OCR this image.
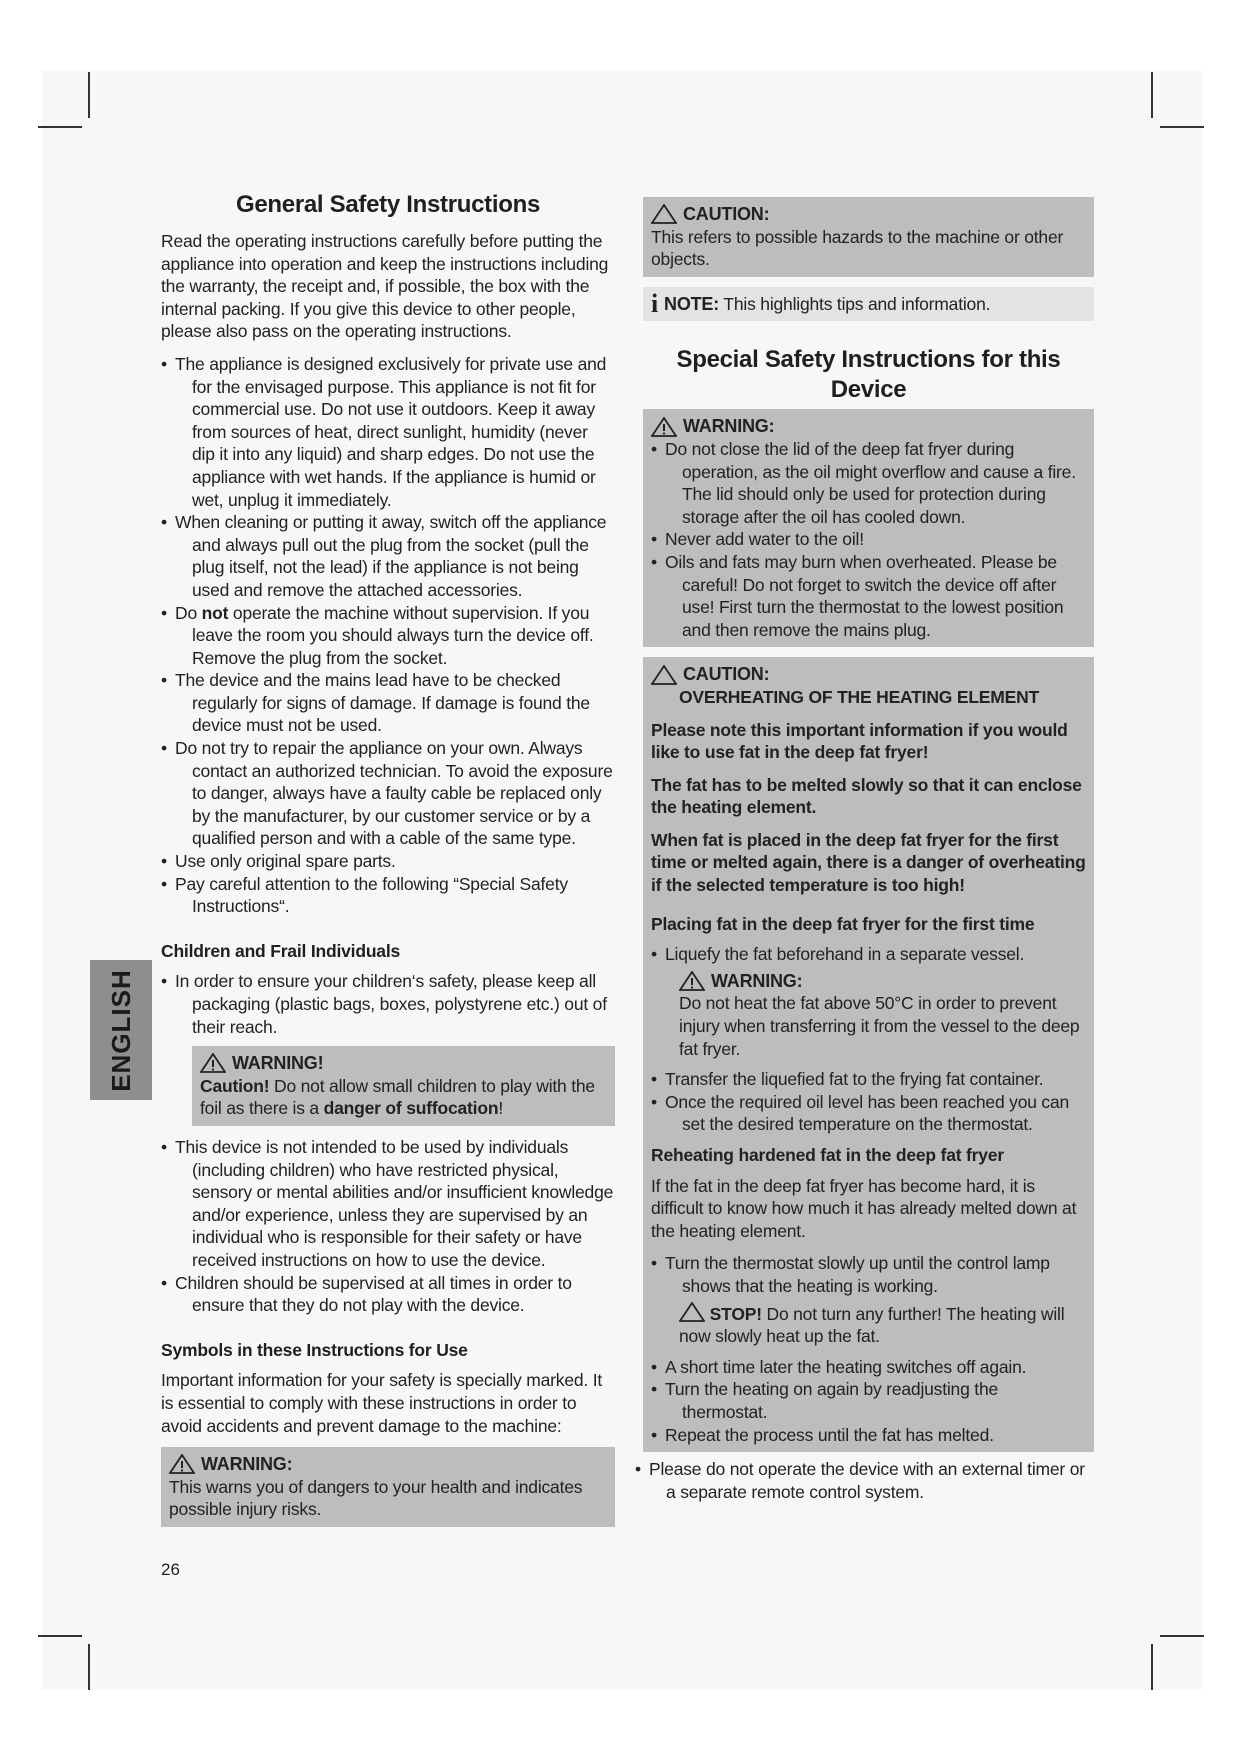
ENGLISH
General Safety Instructions

Read the operating instructions carefully before putting the appliance into operation and keep the instructions including the warranty, the receipt and, if possible, the box with the internal packing. If you give this device to other people, please also pass on the operating instructions.

• The appliance is designed exclusively for private use and for the envisaged purpose. This appliance is not fit for commercial use. Do not use it outdoors. Keep it away from sources of heat, direct sunlight, humidity (never dip it into any liquid) and sharp edges. Do not use the appliance with wet hands. If the appliance is humid or wet, unplug it immediately.
• When cleaning or putting it away, switch off the appliance and always pull out the plug from the socket (pull the plug itself, not the lead) if the appliance is not being used and remove the attached accessories.
• Do not operate the machine without supervision. If you leave the room you should always turn the device off. Remove the plug from the socket.
• The device and the mains lead have to be checked regularly for signs of damage. If damage is found the device must not be used.
• Do not try to repair the appliance on your own. Always contact an authorized technician. To avoid the exposure to danger, always have a faulty cable be replaced only by the manufacturer, by our customer service or by a qualified person and with a cable of the same type.
• Use only original spare parts.
• Pay careful attention to the following “Special Safety Instructions“.
Children and Frail Individuals
• In order to ensure your children‘s safety, please keep all packaging (plastic bags, boxes, polystyrene etc.) out of their reach.
WARNING!
Caution! Do not allow small children to play with the foil as there is a danger of suffocation!
• This device is not intended to be used by individuals (including children) who have restricted physical, sensory or mental abilities and/or insufficient knowledge and/or experience, unless they are supervised by an individual who is responsible for their safety or have received instructions on how to use the device.
• Children should be supervised at all times in order to ensure that they do not play with the device.
Symbols in these Instructions for Use

Important information for your safety is specially marked. It is essential to comply with these instructions in order to avoid accidents and prevent damage to the machine:

WARNING:
This warns you of dangers to your health and indicates possible injury risks.
CAUTION:
This refers to possible hazards to the machine or other objects.
i NOTE: This highlights tips and information.
Special Safety Instructions for this Device
WARNING:
• Do not close the lid of the deep fat fryer during operation, as the oil might overflow and cause a fire. The lid should only be used for protection during storage after the oil has cooled down.
• Never add water to the oil!
• Oils and fats may burn when overheated. Please be careful! Do not forget to switch the device off after use! First turn the thermostat to the lowest position and then remove the mains plug.
CAUTION:
OVERHEATING OF THE HEATING ELEMENT

Please note this important information if you would like to use fat in the deep fat fryer!

The fat has to be melted slowly so that it can enclose the heating element.

When fat is placed in the deep fat fryer for the first time or melted again, there is a danger of overheating if the selected temperature is too high!

Placing fat in the deep fat fryer for the first time
• Liquefy the fat beforehand in a separate vessel.
WARNING:
Do not heat the fat above 50°C in order to prevent injury when transferring it from the vessel to the deep fat fryer.
• Transfer the liquefied fat to the frying fat container.
• Once the required oil level has been reached you can set the desired temperature on the thermostat.
Reheating hardened fat in the deep fat fryer

If the fat in the deep fat fryer has become hard, it is difficult to know how much it has already melted down at the heating element.

• Turn the thermostat slowly up until the control lamp shows that the heating is working.
STOP! Do not turn any further! The heating will now slowly heat up the fat.
• A short time later the heating switches off again.
• Turn the heating on again by readjusting the thermostat.
• Repeat the process until the fat has melted.
• Please do not operate the device with an external timer or a separate remote control system.
26
